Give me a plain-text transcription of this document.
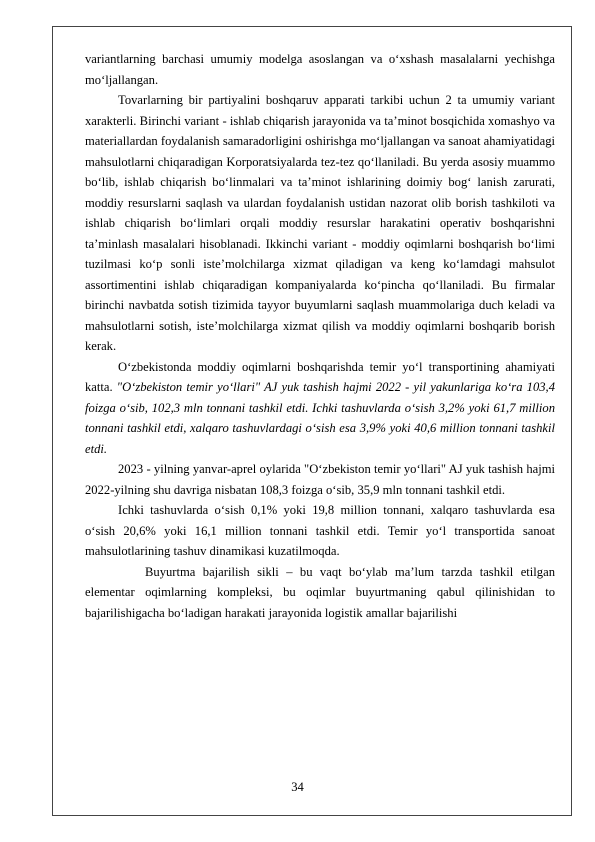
variantlarning barchasi umumiy modelga asoslangan va o‘xshash masalalarni yechishga mo‘ljallangan.

Tovarlarning bir partiyalini boshqaruv apparati tarkibi uchun 2 ta umumiy variant xarakterli. Birinchi variant - ishlab chiqarish jarayonida va ta’minot bosqichida xomashyo va materiallardan foydalanish samaradorligini oshirishga mo‘ljallangan va sanoat ahamiyatidagi mahsulotlarni chiqaradigan Korporatsiyalarda tez-tez qo‘llaniladi. Bu yerda asosiy muammo bo‘lib, ishlab chiqarish bo‘linmalari va ta’minot ishlarining doimiy bog‘ lanish zarurati, moddiy resurslarni saqlash va ulardan foydalanish ustidan nazorat olib borish tashkiloti va ishlab chiqarish bo‘limlari orqali moddiy resurslar harakatini operativ boshqarishni ta’minlash masalalari hisoblanadi. Ikkinchi variant - moddiy oqimlarni boshqarish bo‘limi tuzilmasi ko‘p sonli iste’molchilarga xizmat qiladigan va keng ko‘lamdagi mahsulot assortimentini ishlab chiqaradigan kompaniyalarda ko‘pincha qo‘llaniladi. Bu firmalar birinchi navbatda sotish tizimida tayyor buyumlarni saqlash muammolariga duch keladi va mahsulotlarni sotish, iste’molchilarga xizmat qilish va moddiy oqimlarni boshqarib borish kerak.

O‘zbekistonda moddiy oqimlarni boshqarishda temir yo‘l transportining ahamiyati katta. "O‘zbekiston temir yo‘llari" AJ yuk tashish hajmi 2022 - yil yakunlariga ko‘ra 103,4 foizga o‘sib, 102,3 mln tonnani tashkil etdi. Ichki tashuvlarda o‘sish 3,2% yoki 61,7 million tonnani tashkil etdi, xalqaro tashuvlardagi o‘sish esa 3,9% yoki 40,6 million tonnani tashkil etdi.

2023 - yilning yanvar-aprel oylarida "O‘zbekiston temir yo‘llari" AJ yuk tashish hajmi 2022-yilning shu davriga nisbatan 108,3 foizga o‘sib, 35,9 mln tonnani tashkil etdi.

Ichki tashuvlarda o‘sish 0,1% yoki 19,8 million tonnani, xalqaro tashuvlarda esa o‘sish 20,6% yoki 16,1 million tonnani tashkil etdi. Temir yo‘l transportida sanoat mahsulotlarining tashuv dinamikasi kuzatilmoqda.

Buyurtma bajarilish sikli – bu vaqt bo‘ylab ma’lum tarzda tashkil etilgan elementar oqimlarning kompleksi, bu oqimlar buyurtmaning qabul qilinishidan to bajarilishigacha bo‘ladigan harakati jarayonida logistik amallar bajarilishi

34
